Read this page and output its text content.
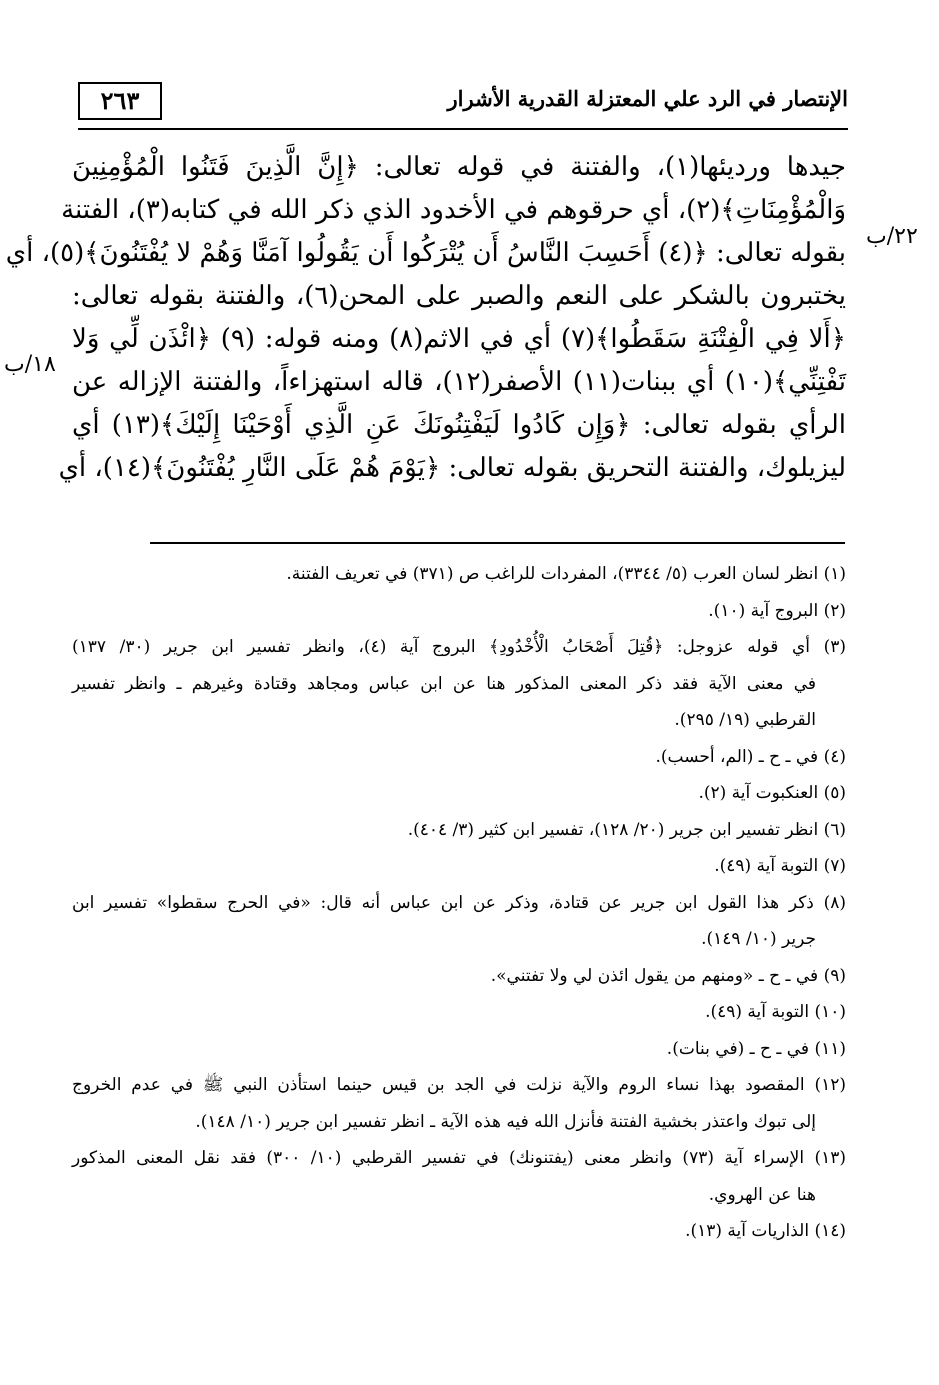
٢٦٣	الإنتصار في الرد علي المعتزلة القدرية الأشرار
٢٢/ب
١٨/ب
جيدها ورديئها(١)، والفتنة في قوله تعالى: ﴿إِنَّ الَّذِينَ فَتَنُوا الْمُؤْمِنِينَ
وَالْمُؤْمِنَاتِ﴾(٢)، أي حرقوهم في الأخدود الذي ذكر الله في كتابه(٣)، الفتنة
بقوله تعالى: ﴿(٤) أَحَسِبَ النَّاسُ أَن يُتْرَكُوا أَن يَقُولُوا آمَنَّا وَهُمْ لا يُفْتَنُونَ﴾(٥)، أي
يختبرون بالشكر على النعم والصبر على المحن(٦)، والفتنة بقوله تعالى:
﴿أَلا فِي الْفِتْنَةِ سَقَطُوا﴾(٧) أي في الاثم(٨) ومنه قوله: (٩) ﴿ائْذَن لِّي وَلا
تَفْتِنِّي﴾(١٠) أي ببنات(١١) الأصفر(١٢)، قاله استهزاءاً، والفتنة الإزاله عن
الرأي بقوله تعالى: ﴿وَإِن كَادُوا لَيَفْتِنُونَكَ عَنِ الَّذِي أَوْحَيْنَا إِلَيْكَ﴾(١٣) أي
ليزيلوك، والفتنة التحريق بقوله تعالى: ﴿يَوْمَ هُمْ عَلَى النَّارِ يُفْتَنُونَ﴾(١٤)، أي
(١) انظر لسان العرب (٥/ ٣٣٤٤)، المفردات للراغب ص (٣٧١) في تعريف الفتنة.
(٢) البروج آية (١٠).
(٣) أي قوله عزوجل: ﴿قُتِلَ أَصْحَابُ الْأُخْدُودِ﴾ البروج آية (٤)، وانظر تفسير ابن جرير (٣٠/ ١٣٧)
في معنى الآية فقد ذكر المعنى المذكور هنا عن ابن عباس ومجاهد وقتادة وغيرهم ـ وانظر تفسير
القرطبي (١٩/ ٢٩٥).
(٤) في ـ ح ـ (الم، أحسب).
(٥) العنكبوت آية (٢).
(٦) انظر تفسير ابن جرير (٢٠/ ١٢٨)، تفسير ابن كثير (٣/ ٤٠٤).
(٧) التوبة آية (٤٩).
(٨) ذكر هذا القول ابن جرير عن قتادة، وذكر عن ابن عباس أنه قال: «في الحرج سقطوا» تفسير ابن
جرير (١٠/ ١٤٩).
(٩) في ـ ح ـ «ومنهم من يقول ائذن لي ولا تفتني».
(١٠) التوبة آية (٤٩).
(١١) في ـ ح ـ (في بنات).
(١٢) المقصود بهذا نساء الروم والآية نزلت في الجد بن قيس حينما استأذن النبي ﷺ في عدم الخروج
إلى تبوك واعتذر بخشية الفتنة فأنزل الله فيه هذه الآية ـ انظر تفسير ابن جرير (١٠/ ١٤٨).
(١٣) الإسراء آية (٧٣) وانظر معنى (يفتنونك) في تفسير القرطبي (١٠/ ٣٠٠) فقد نقل المعنى المذكور
هنا عن الهروي.
(١٤) الذاريات آية (١٣).
